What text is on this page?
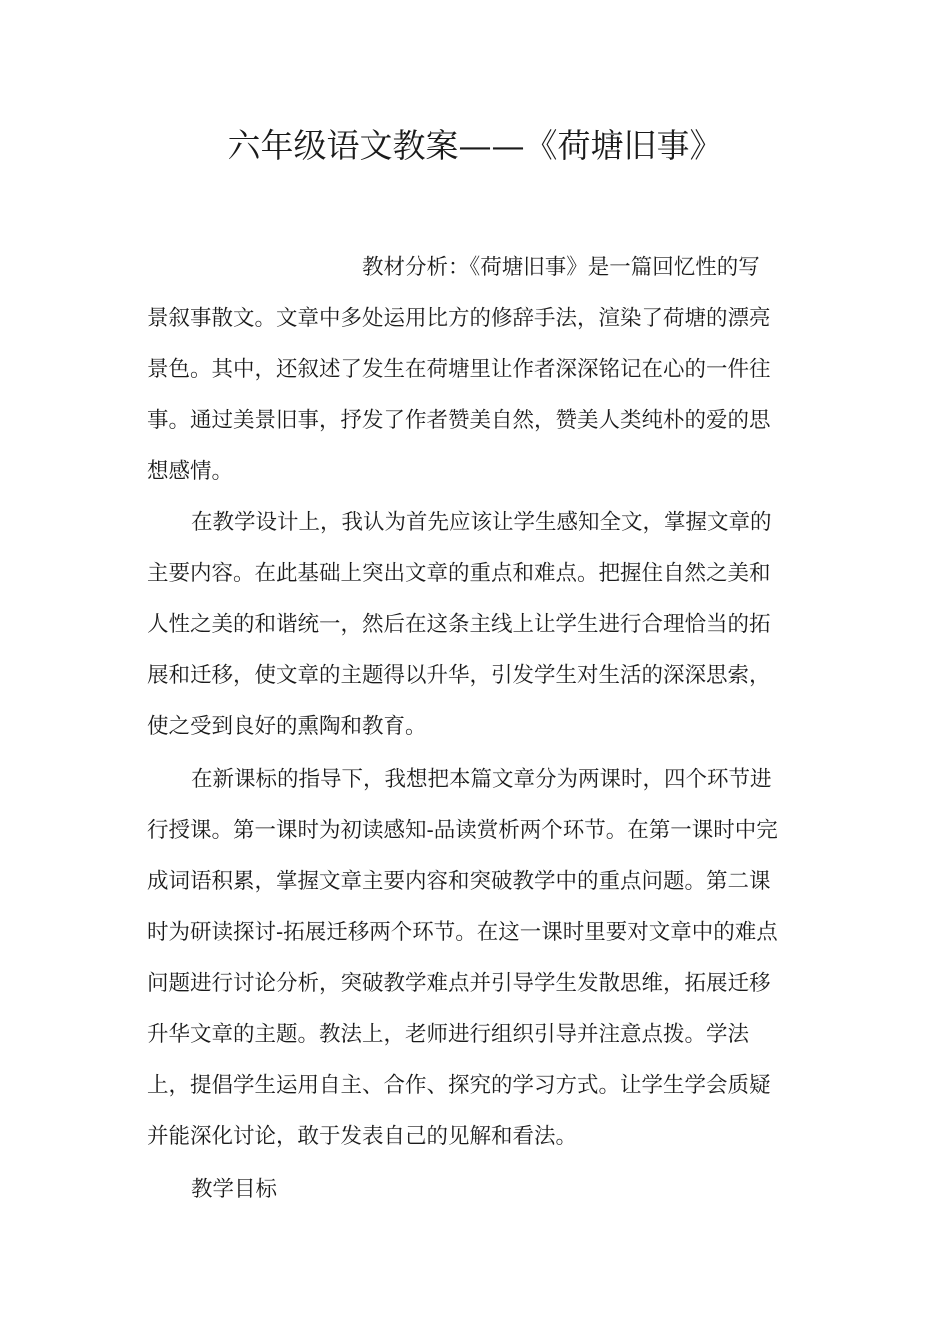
六年级语文教案——《荷塘旧事》

教材分析：《荷塘旧事》是一篇回忆性的写

景叙事散文。文章中多处运用比方的修辞手法，渲染了荷塘的漂亮

景色。其中，还叙述了发生在荷塘里让作者深深铭记在心的一件往

事。通过美景旧事，抒发了作者赞美自然，赞美人类纯朴的爱的思

想感情。

在教学设计上，我认为首先应该让学生感知全文，掌握文章的

主要内容。在此基础上突出文章的重点和难点。把握住自然之美和

人性之美的和谐统一，然后在这条主线上让学生进行合理恰当的拓

展和迁移，使文章的主题得以升华，引发学生对生活的深深思索，

使之受到良好的熏陶和教育。

在新课标的指导下，我想把本篇文章分为两课时，四个环节进

行授课。第一课时为初读感知-品读赏析两个环节。在第一课时中完

成词语积累，掌握文章主要内容和突破教学中的重点问题。第二课

时为研读探讨-拓展迁移两个环节。在这一课时里要对文章中的难点

问题进行讨论分析，突破教学难点并引导学生发散思维，拓展迁移

升华文章的主题。教法上，老师进行组织引导并注意点拨。学法

上，提倡学生运用自主、合作、探究的学习方式。让学生学会质疑

并能深化讨论，敢于发表自己的见解和看法。

教学目标
